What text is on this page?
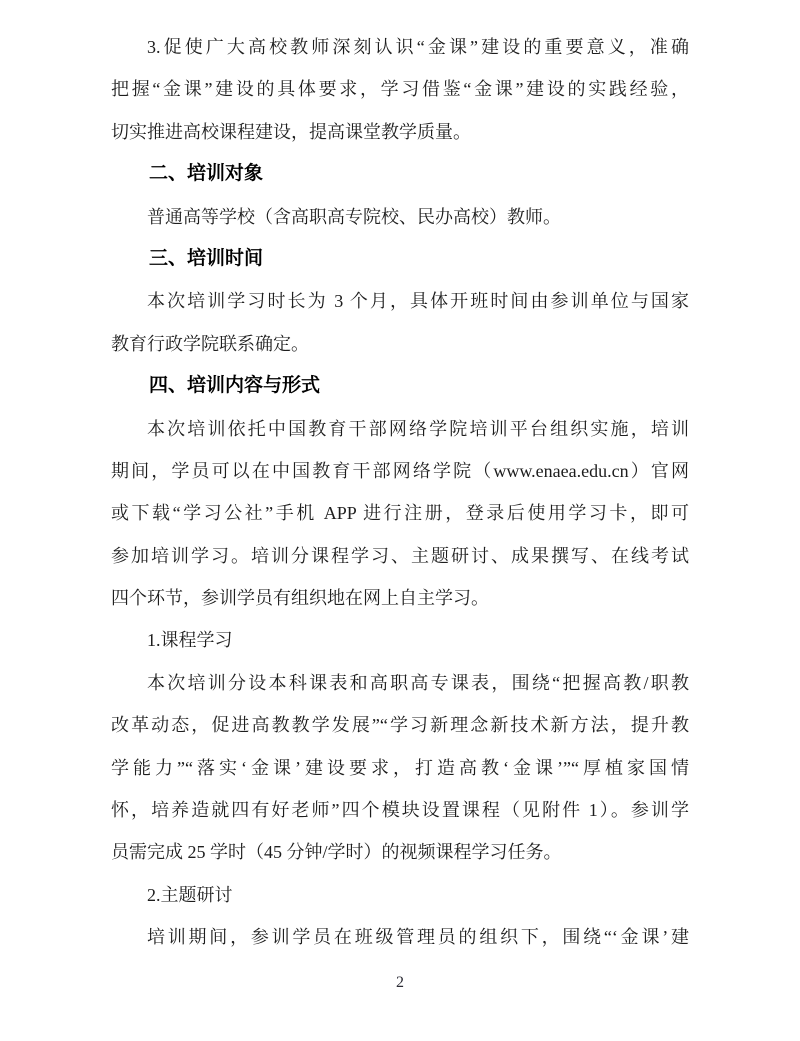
3.促使广大高校教师深刻认识“金课”建设的重要意义，准确
把握“金课”建设的具体要求，学习借鉴“金课”建设的实践经验，
切实推进高校课程建设，提高课堂教学质量。
二、培训对象
普通高等学校（含高职高专院校、民办高校）教师。
三、培训时间
本次培训学习时长为 3 个月，具体开班时间由参训单位与国家
教育行政学院联系确定。
四、培训内容与形式
本次培训依托中国教育干部网络学院培训平台组织实施，培训
期间，学员可以在中国教育干部网络学院（www.enaea.edu.cn）官网
或下载“学习公社”手机 APP 进行注册，登录后使用学习卡，即可
参加培训学习。培训分课程学习、主题研讨、成果撰写、在线考试
四个环节，参训学员有组织地在网上自主学习。
1.课程学习
本次培训分设本科课表和高职高专课表，围绕“把握高教/职教
改革动态，促进高教教学发展”“学习新理念新技术新方法，提升教
学能力”“落实‘金课’建设要求，打造高教‘金课’”“厚植家国情
怀，培养造就四有好老师”四个模块设置课程（见附件 1）。参训学
员需完成 25 学时（45 分钟/学时）的视频课程学习任务。
2.主题研讨
培训期间，参训学员在班级管理员的组织下，围绕“‘金课’建
2
